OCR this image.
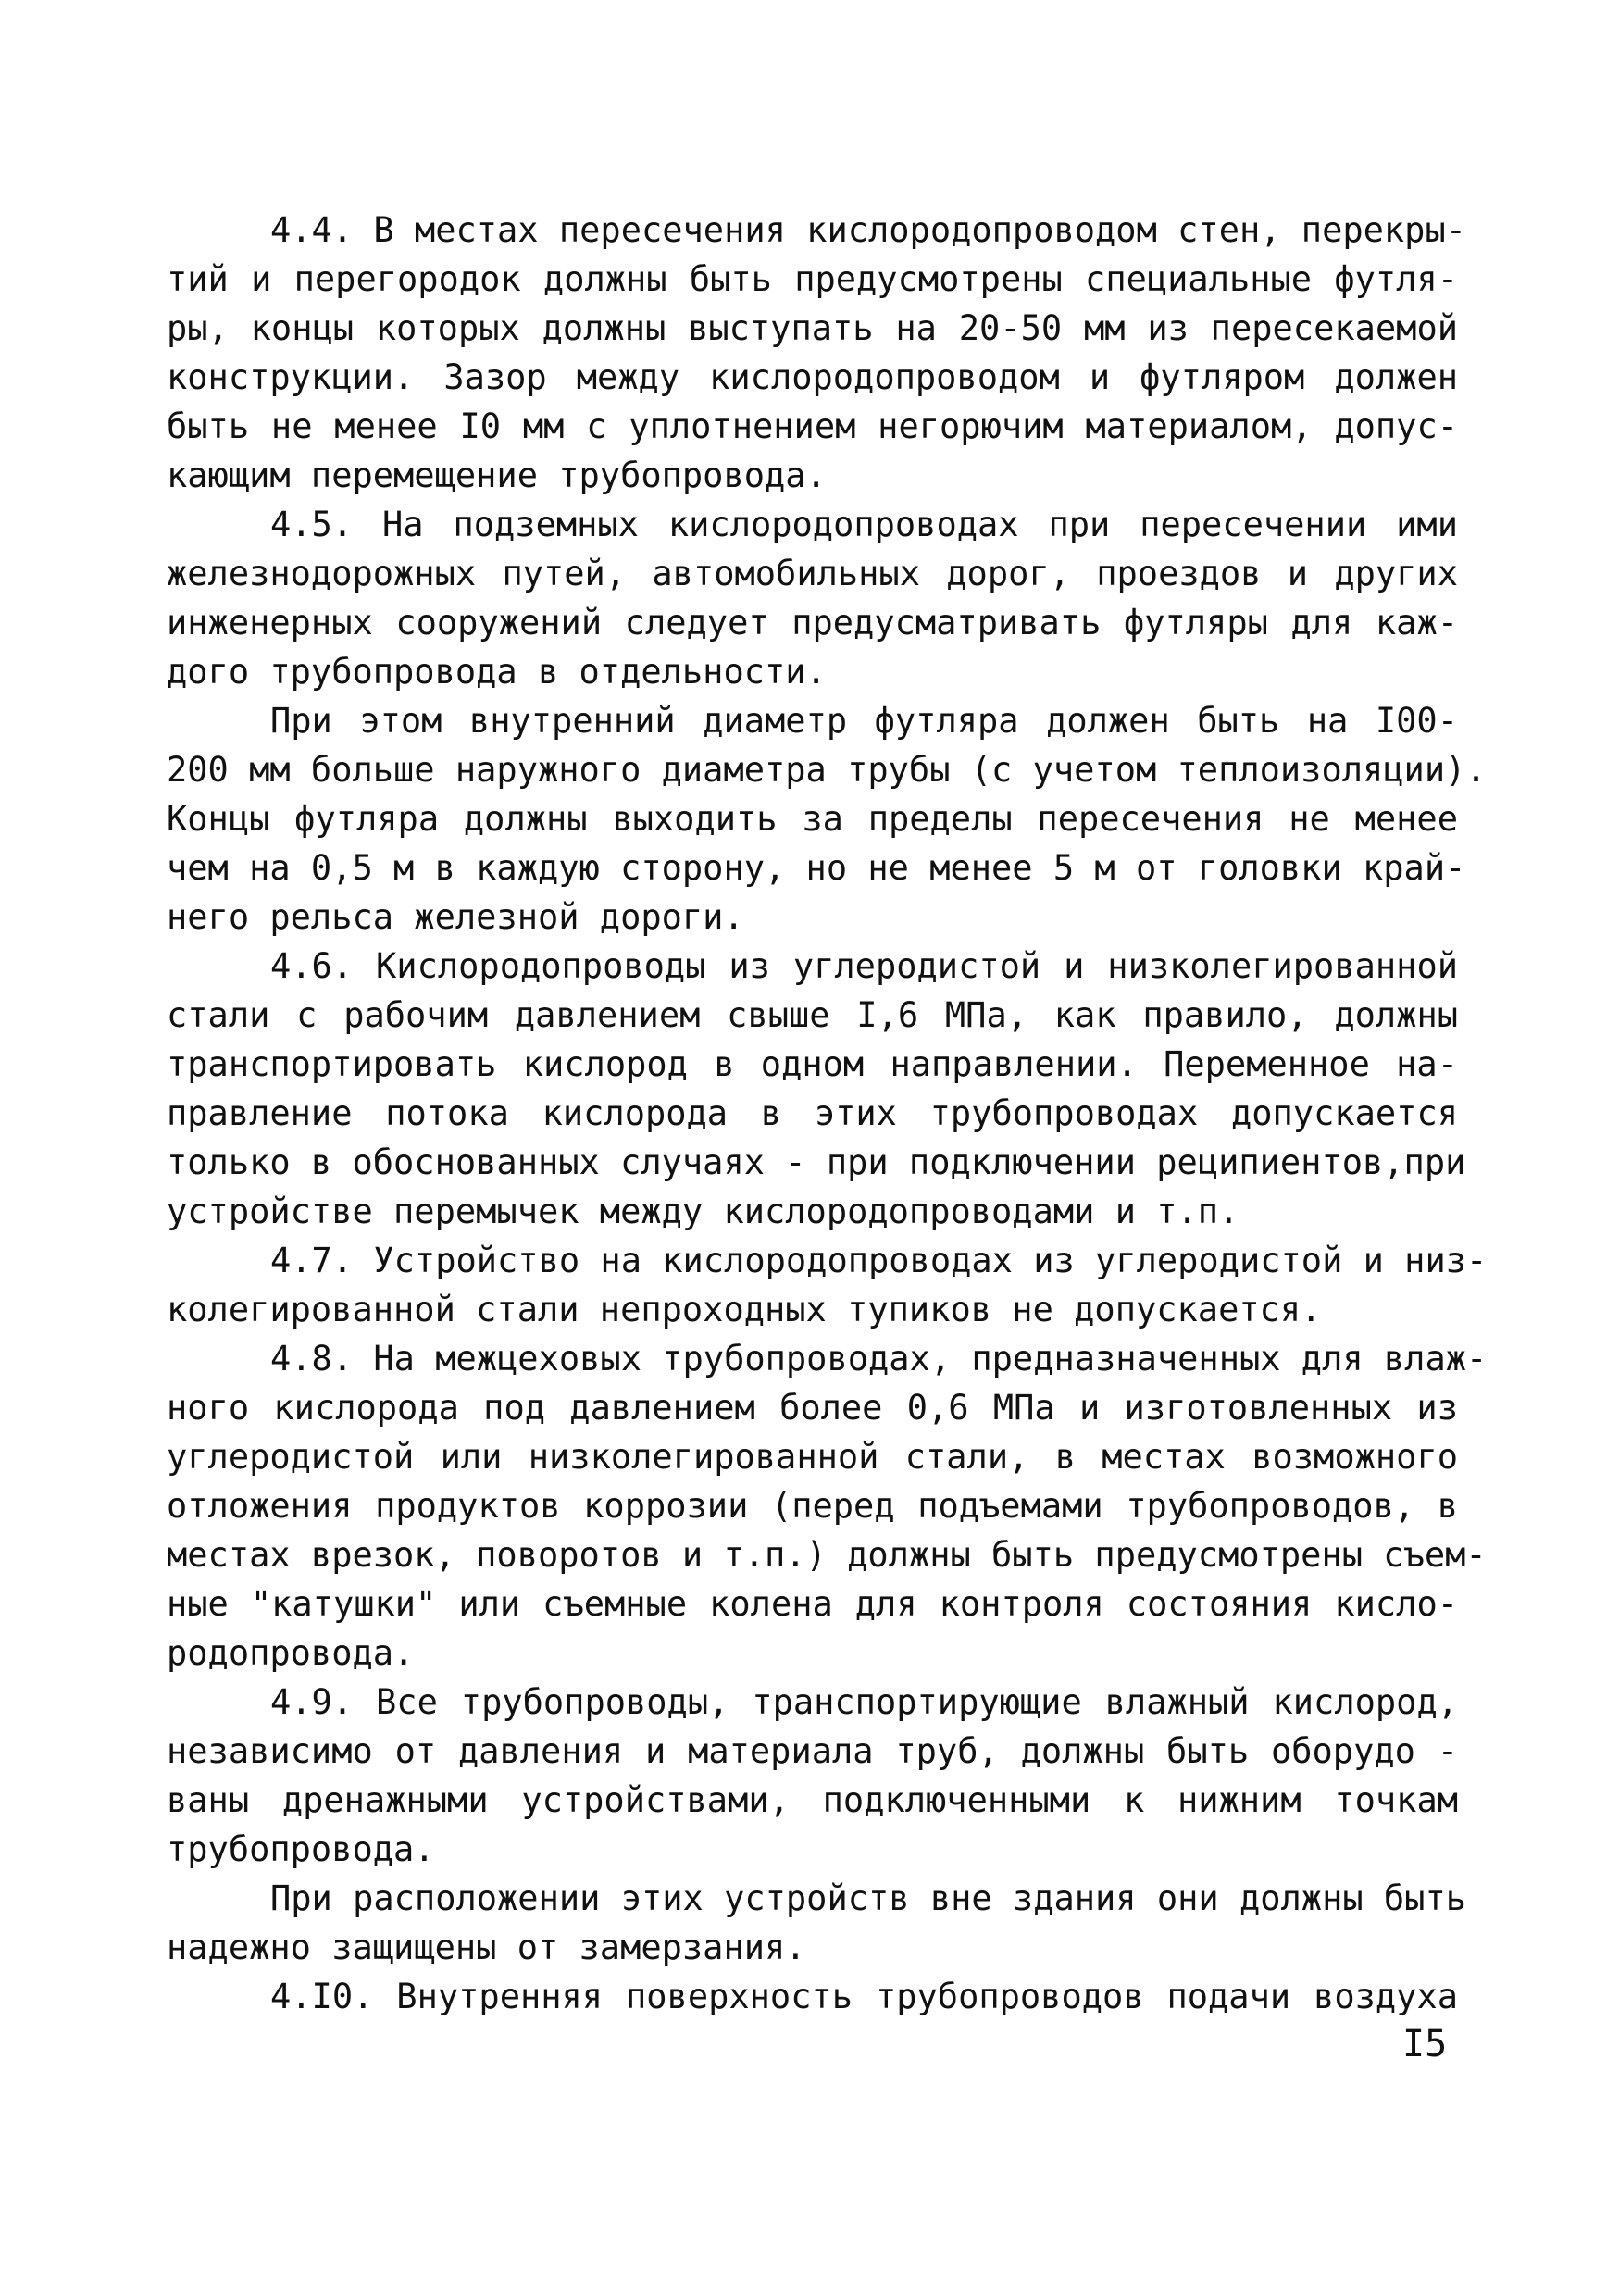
4.4. В местах пересечения кислородопроводом стен, перекры-
тий и перегородок должны быть предусмотрены специальные футля-
ры, концы которых должны выступать на 20-50 мм из пересекаемой
конструкции. Зазор между кислородопроводом и футляром должен
быть не менее I0 мм с уплотнением негорючим материалом, допус-
кающим перемещение трубопровода.
4.5. На подземных кислородопроводах при пересечении ими
железнодорожных путей, автомобильных дорог, проездов и других
инженерных сооружений следует предусматривать футляры для каж-
дого трубопровода в отдельности.
При этом внутренний диаметр футляра должен быть на I00-
200 мм больше наружного диаметра трубы (с учетом теплоизоляции).
Концы футляра должны выходить за пределы пересечения не менее
чем на 0,5 м в каждую сторону, но не менее 5 м от головки край-
него рельса железной дороги.
4.6. Кислородопроводы из углеродистой и низколегированной
стали с рабочим давлением свыше I,6 МПа, как правило, должны
транспортировать кислород в одном направлении. Переменное на-
правление потока кислорода в этих трубопроводах допускается
только в обоснованных случаях - при подключении реципиентов,при
устройстве перемычек между кислородопроводами и т.п.
4.7. Устройство на кислородопроводах из углеродистой и низ-
колегированной стали непроходных тупиков не допускается.
4.8. На межцеховых трубопроводах, предназначенных для влаж-
ного кислорода под давлением более 0,6 МПа и изготовленных из
углеродистой или низколегированной стали, в местах возможного
отложения продуктов коррозии (перед подъемами трубопроводов, в
местах врезок, поворотов и т.п.) должны быть предусмотрены съем-
ные "катушки" или съемные колена для контроля состояния кисло-
родопровода.
4.9. Все трубопроводы, транспортирующие влажный кислород,
независимо от давления и материала труб, должны быть оборудо -
ваны дренажными устройствами, подключенными к нижним точкам
трубопровода.
При расположении этих устройств вне здания они должны быть
надежно защищены от замерзания.
4.I0. Внутренняя поверхность трубопроводов подачи воздуха
I5
